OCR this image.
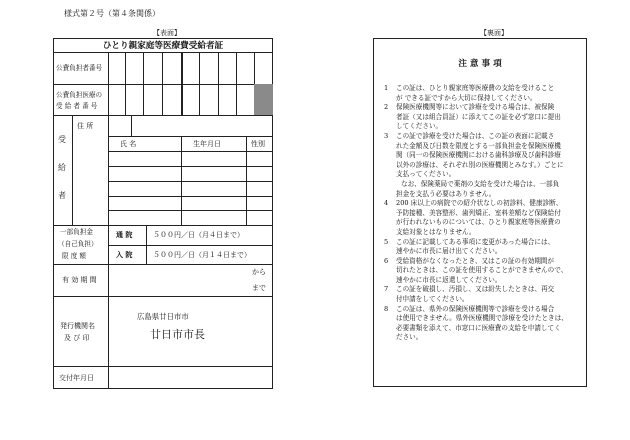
様式第２号（第４条関係）
【表面】	【裏面】
ひとり親家庭等医療費受給者証
公費負担者番号
公費負担医療の
受 給 者 番 号
受
給
者
住 所
氏 名	生年月日	性別
一部負担金
（自己負担）
限 度 額
通 院	５００円／日（月４日まで）
入 院	５００円／日（月１４日まで）
有 効 期 間
から
まで
発行機関名
及 び 印
広島県廿日市市
廿日市市長
交付年月日
注 意 事 項
1 この証は、ひとり親家庭等医療費の支給を受けること

が できる証ですから大切に保持してください。

2 保険医療機関等において診療を受ける場合は、被保険

者証（又は組合員証）に添えてこの証を必ず窓口に提出

してください。

3 この証で診療を受けた場合は、この証の表面に記載さ

れた金額及び日数を限度とする一部負担金を保険医療機

関（同一の保険医療機関における歯科診療及び歯科診療

以外の診療は、それぞれ別の医療機関とみなす。）ごとに

支払ってください。

なお、保険薬局で薬剤の支給を受けた場合は、一部負

担金を支払う必要はありません。

4 200 床以上の病院での紹介状なしの初診料、健康診断、

予防接種、美容整形、歯列矯正、室料差額など保険給付

が行われないものについては、ひとり親家庭等医療費の

支給対象とはなりません。

5 この証に記載してある事項に変更があった場合には、

速やかに市長に届け出てください。

6 受給資格がなくなったとき、又はこの証の有効期間が

切れたときは、この証を使用することができませんので、

速やかに市長に返還してください。

7 この証を破損し、汚損し、又は紛失したときは、再交

付申請をしてください。

8 この証は、県外の保険医療機関等で診療を受ける場合

は使用できません。県外医療機関で診療を受けたときは、

必要書類を添えて、市窓口に医療費の支給を申請してく

ださい。
